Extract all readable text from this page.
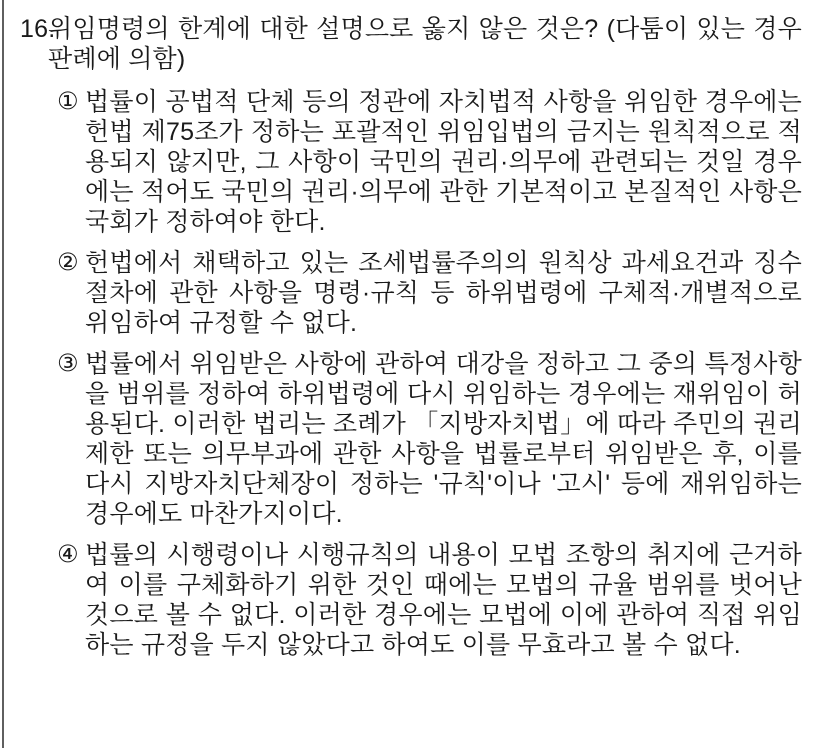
16.
위임명령의 한계에 대한 설명으로 옳지 않은 것은? (다툼이 있는 경우 판례에 의함)
① 법률이 공법적 단체 등의 정관에 자치법적 사항을 위임한 경우에는 헌법 제75조가 정하는 포괄적인 위임입법의 금지는 원칙적으로 적용되지 않지만, 그 사항이 국민의 권리·의무에 관련되는 것일 경우에는 적어도 국민의 권리·의무에 관한 기본적이고 본질적인 사항은 국회가 정하여야 한다.
② 헌법에서 채택하고 있는 조세법률주의의 원칙상 과세요건과 징수절차에 관한 사항을 명령·규칙 등 하위법령에 구체적·개별적으로 위임하여 규정할 수 없다.
③ 법률에서 위임받은 사항에 관하여 대강을 정하고 그 중의 특정사항을 범위를 정하여 하위법령에 다시 위임하는 경우에는 재위임이 허용된다. 이러한 법리는 조례가 「지방자치법」에 따라 주민의 권리제한 또는 의무부과에 관한 사항을 법률로부터 위임받은 후, 이를 다시 지방자치단체장이 정하는 '규칙'이나 '고시' 등에 재위임하는 경우에도 마찬가지이다.
④ 법률의 시행령이나 시행규칙의 내용이 모법 조항의 취지에 근거하여 이를 구체화하기 위한 것인 때에는 모법의 규율 범위를 벗어난 것으로 볼 수 없다. 이러한 경우에는 모법에 이에 관하여 직접 위임하는 규정을 두지 않았다고 하여도 이를 무효라고 볼 수 없다.
